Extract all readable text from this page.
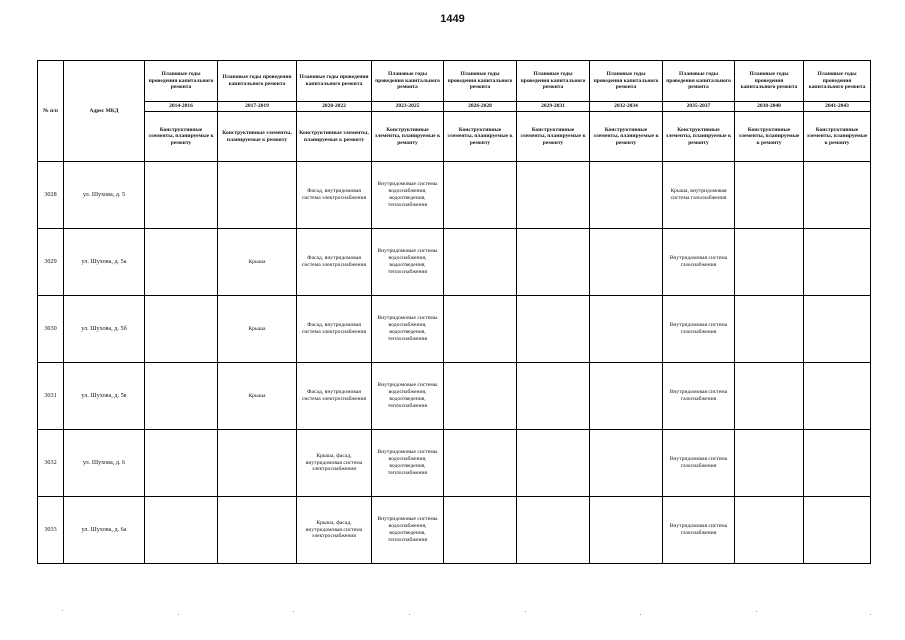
1449
№ п/п	Адрес МКД	Плановые годы проведения капитального ремонта	Плановые годы проведения капитального ремонта	Плановые годы проведения капитального ремонта	Плановые годы проведения капитального ремонта	Плановые годы проведения капитального ремонта	Плановые годы проведения капитального ремонта	Плановые годы проведения капитального ремонта	Плановые годы проведения капитального ремонта	Плановые годы проведения капитального ремонта	Плановые годы проведения капитального ремонта
		2014-2016	2017-2019	2020-2022	2023-2025	2026-2028	2029-2031	2032-2034	2035-2037	2038-2040	2041-2043
		Конструктивные элементы, планируемые к ремонту	Конструктивные элементы, планируемые к ремонту	Конструктивные элементы, планируемые к ремонту	Конструктивные элементы, планируемые к ремонту	Конструктивные элементы, планируемые к ремонту	Конструктивные элементы, планируемые к ремонту	Конструктивные элементы, планируемые к ремонту	Конструктивные элементы, планируемые к ремонту	Конструктивные элементы, планируемые к ремонту	Конструктивные элементы, планируемые к ремонту
3028	ул. Шухова, д. 5			Фасад, внутридомовая система электроснабжения	Внутридомовые системы водоснабжения, водоотведения, теплоснабжения				Крыша, внутридомовая система газоснабжения		
3029	ул. Шухова, д. 5а		Крыша	Фасад, внутридомовая система электроснабжения	Внутридомовые системы водоснабжения, водоотведения, теплоснабжения				Внутридомовая система газоснабжения		
3030	ул. Шухова, д. 5б		Крыша	Фасад, внутридомовая система электроснабжения	Внутридомовые системы водоснабжения, водоотведения, теплоснабжения				Внутридомовая система газоснабжения		
3031	ул. Шухова, д. 5в		Крыша	Фасад, внутридомовая система электроснабжения	Внутридомовые системы водоснабжения, водоотведения, теплоснабжения				Внутридомовая система газоснабжения		
3032	ул. Шухова, д. 6			Крыша, фасад, внутридомовая система электроснабжения	Внутридомовые системы водоснабжения, водоотведения, теплоснабжения				Внутридомовая система газоснабжения		
3033	ул. Шухова, д. 6а			Крыша, фасад, внутридомовая система электроснабжения	Внутридомовые системы водоснабжения, водоотведения, теплоснабжения				Внутридомовая система газоснабжения		
